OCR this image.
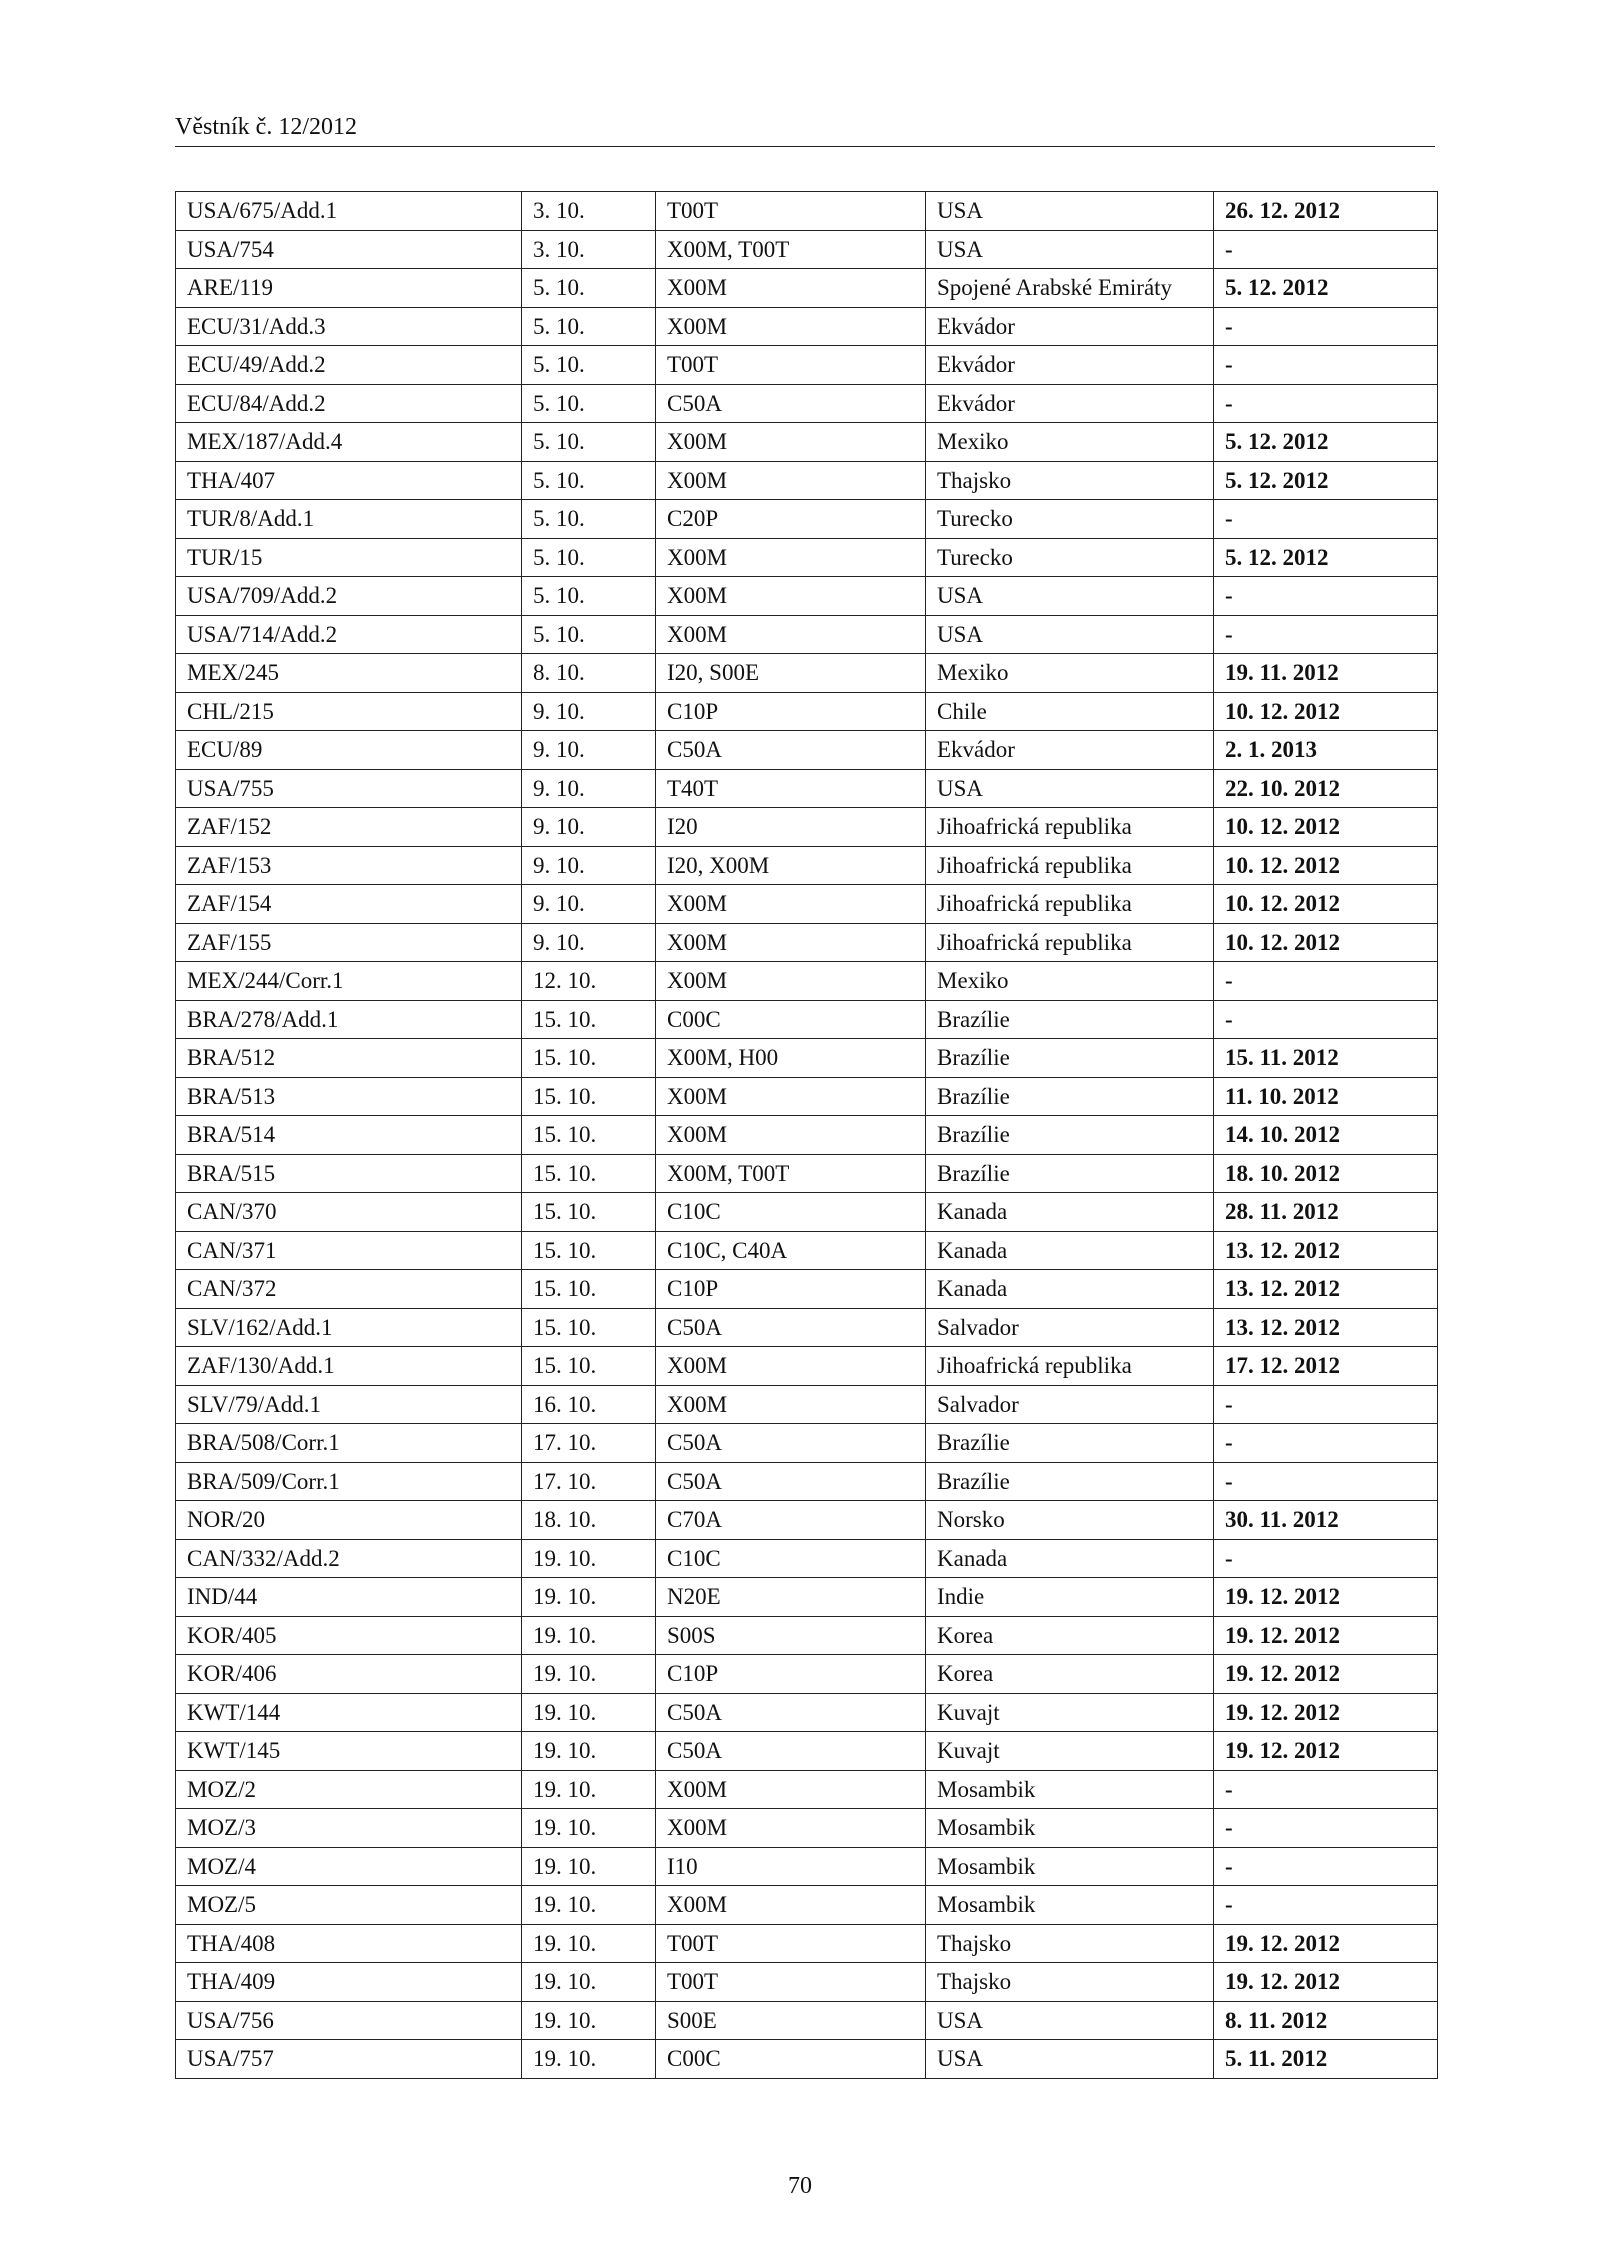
Věstník č. 12/2012
USA/675/Add.1	3. 10.	T00T	USA	26. 12. 2012
USA/754	3. 10.	X00M, T00T	USA	-
ARE/119	5. 10.	X00M	Spojené Arabské Emiráty	5. 12. 2012
ECU/31/Add.3	5. 10.	X00M	Ekvádor	-
ECU/49/Add.2	5. 10.	T00T	Ekvádor	-
ECU/84/Add.2	5. 10.	C50A	Ekvádor	-
MEX/187/Add.4	5. 10.	X00M	Mexiko	5. 12. 2012
THA/407	5. 10.	X00M	Thajsko	5. 12. 2012
TUR/8/Add.1	5. 10.	C20P	Turecko	-
TUR/15	5. 10.	X00M	Turecko	5. 12. 2012
USA/709/Add.2	5. 10.	X00M	USA	-
USA/714/Add.2	5. 10.	X00M	USA	-
MEX/245	8. 10.	I20, S00E	Mexiko	19. 11. 2012
CHL/215	9. 10.	C10P	Chile	10. 12. 2012
ECU/89	9. 10.	C50A	Ekvádor	2. 1. 2013
USA/755	9. 10.	T40T	USA	22. 10. 2012
ZAF/152	9. 10.	I20	Jihoafrická republika	10. 12. 2012
ZAF/153	9. 10.	I20, X00M	Jihoafrická republika	10. 12. 2012
ZAF/154	9. 10.	X00M	Jihoafrická republika	10. 12. 2012
ZAF/155	9. 10.	X00M	Jihoafrická republika	10. 12. 2012
MEX/244/Corr.1	12. 10.	X00M	Mexiko	-
BRA/278/Add.1	15. 10.	C00C	Brazílie	-
BRA/512	15. 10.	X00M, H00	Brazílie	15. 11. 2012
BRA/513	15. 10.	X00M	Brazílie	11. 10. 2012
BRA/514	15. 10.	X00M	Brazílie	14. 10. 2012
BRA/515	15. 10.	X00M, T00T	Brazílie	18. 10. 2012
CAN/370	15. 10.	C10C	Kanada	28. 11. 2012
CAN/371	15. 10.	C10C, C40A	Kanada	13. 12. 2012
CAN/372	15. 10.	C10P	Kanada	13. 12. 2012
SLV/162/Add.1	15. 10.	C50A	Salvador	13. 12. 2012
ZAF/130/Add.1	15. 10.	X00M	Jihoafrická republika	17. 12. 2012
SLV/79/Add.1	16. 10.	X00M	Salvador	-
BRA/508/Corr.1	17. 10.	C50A	Brazílie	-
BRA/509/Corr.1	17. 10.	C50A	Brazílie	-
NOR/20	18. 10.	C70A	Norsko	30. 11. 2012
CAN/332/Add.2	19. 10.	C10C	Kanada	-
IND/44	19. 10.	N20E	Indie	19. 12. 2012
KOR/405	19. 10.	S00S	Korea	19. 12. 2012
KOR/406	19. 10.	C10P	Korea	19. 12. 2012
KWT/144	19. 10.	C50A	Kuvajt	19. 12. 2012
KWT/145	19. 10.	C50A	Kuvajt	19. 12. 2012
MOZ/2	19. 10.	X00M	Mosambik	-
MOZ/3	19. 10.	X00M	Mosambik	-
MOZ/4	19. 10.	I10	Mosambik	-
MOZ/5	19. 10.	X00M	Mosambik	-
THA/408	19. 10.	T00T	Thajsko	19. 12. 2012
THA/409	19. 10.	T00T	Thajsko	19. 12. 2012
USA/756	19. 10.	S00E	USA	8. 11. 2012
USA/757	19. 10.	C00C	USA	5. 11. 2012
70
